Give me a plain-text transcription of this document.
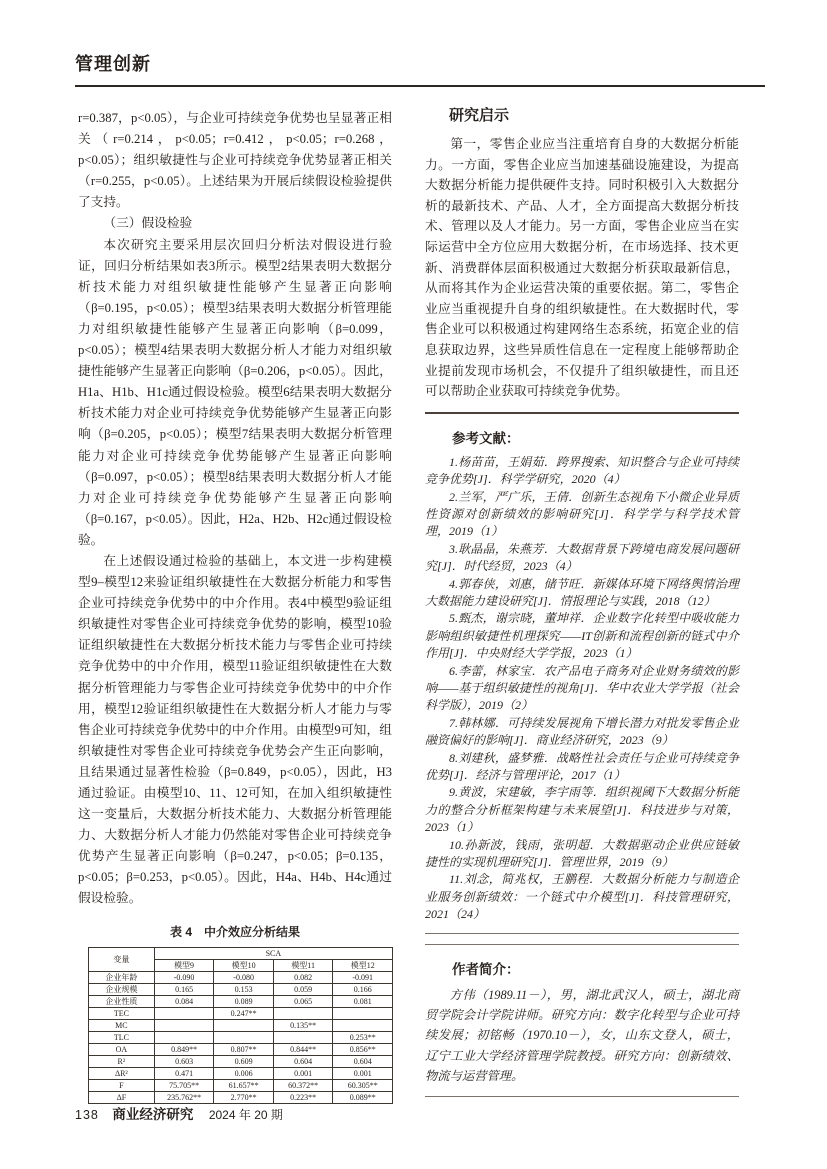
管理创新

r=0.387，p<0.05），与企业可持续竞争优势也呈显著正相关（r=0.214，p<0.05；r=0.412，p<0.05；r=0.268，p<0.05）；组织敏捷性与企业可持续竞争优势显著正相关（r=0.255，p<0.05）。上述结果为开展后续假设检验提供了支持。

（三）假设检验

本次研究主要采用层次回归分析法对假设进行验证，回归分析结果如表3所示。模型2结果表明大数据分析技术能力对组织敏捷性能够产生显著正向影响（β=0.195，p<0.05）；模型3结果表明大数据分析管理能力对组织敏捷性能够产生显著正向影响（β=0.099，p<0.05）；模型4结果表明大数据分析人才能力对组织敏捷性能够产生显著正向影响（β=0.206，p<0.05）。因此，H1a、H1b、H1c通过假设检验。模型6结果表明大数据分析技术能力对企业可持续竞争优势能够产生显著正向影响（β=0.205，p<0.05）；模型7结果表明大数据分析管理能力对企业可持续竞争优势能够产生显著正向影响（β=0.097，p<0.05）；模型8结果表明大数据分析人才能力对企业可持续竞争优势能够产生显著正向影响（β=0.167，p<0.05）。因此，H2a、H2b、H2c通过假设检验。

在上述假设通过检验的基础上，本文进一步构建模型9–模型12来验证组织敏捷性在大数据分析能力和零售企业可持续竞争优势中的中介作用。表4中模型9验证组织敏捷性对零售企业可持续竞争优势的影响，模型10验证组织敏捷性在大数据分析技术能力与零售企业可持续竞争优势中的中介作用，模型11验证组织敏捷性在大数据分析管理能力与零售企业可持续竞争优势中的中介作用，模型12验证组织敏捷性在大数据分析人才能力与零售企业可持续竞争优势中的中介作用。由模型9可知，组织敏捷性对零售企业可持续竞争优势会产生正向影响，且结果通过显著性检验（β=0.849，p<0.05），因此，H3通过验证。由模型10、11、12可知，在加入组织敏捷性这一变量后，大数据分析技术能力、大数据分析管理能力、大数据分析人才能力仍然能对零售企业可持续竞争优势产生显著正向影响（β=0.247，p<0.05；β=0.135，p<0.05；β=0.253，p<0.05）。因此，H4a、H4b、H4c通过假设检验。

表 4　中介效应分析结果
变量	SCA			
	模型9	模型10	模型11	模型12
企业年龄	-0.090	-0.080	0.082	-0.091
企业规模	0.165	0.153	0.059	0.166
企业性质	0.084	0.089	0.065	0.081
TEC		0.247**		
MC			0.135**	
TLC				0.253**
OA	0.849**	0.807**	0.844**	0.856**
R²	0.603	0.609	0.604	0.604
ΔR²	0.471	0.006	0.001	0.001
F	75.705**	61.657**	60.372**	60.305**
ΔF	235.762**	2.770**	0.223**	0.089**

研究启示

第一，零售企业应当注重培育自身的大数据分析能力。一方面，零售企业应当加速基础设施建设，为提高大数据分析能力提供硬件支持。同时积极引入大数据分析的最新技术、产品、人才，全方面提高大数据分析技术、管理以及人才能力。另一方面，零售企业应当在实际运营中全方位应用大数据分析，在市场选择、技术更新、消费群体层面积极通过大数据分析获取最新信息，从而将其作为企业运营决策的重要依据。第二，零售企业应当重视提升自身的组织敏捷性。在大数据时代，零售企业可以积极通过构建网络生态系统，拓宽企业的信息获取边界，这些异质性信息在一定程度上能够帮助企业提前发现市场机会，不仅提升了组织敏捷性，而且还可以帮助企业获取可持续竞争优势。

参考文献：

1.杨苗苗，王娟茹．跨界搜索、知识整合与企业可持续竞争优势[J]．科学学研究，2020（4）

2.兰军，严广乐，王倩．创新生态视角下小微企业异质性资源对创新绩效的影响研究[J]．科学学与科学技术管理，2019（1）

3.耿晶晶，朱燕芳．大数据背景下跨境电商发展问题研究[J]．时代经贸，2023（4）

4.郭春侠，刘惠，储节旺．新媒体环境下网络舆情治理大数据能力建设研究[J]．情报理论与实践，2018（12）

5.甄杰，谢宗晓，董坤祥．企业数字化转型中吸收能力影响组织敏捷性机理探究——IT创新和流程创新的链式中介作用[J]．中央财经大学学报，2023（1）

6.李蕾，林家宝．农产品电子商务对企业财务绩效的影响——基于组织敏捷性的视角[J]．华中农业大学学报（社会科学版），2019（2）

7.韩林娜．可持续发展视角下增长潜力对批发零售企业融资偏好的影响[J]．商业经济研究，2023（9）

8.刘建秋，盛梦雅．战略性社会责任与企业可持续竞争优势[J]．经济与管理评论，2017（1）

9.黄波，宋建敏，李宇雨等．组织视阈下大数据分析能力的整合分析框架构建与未来展望[J]．科技进步与对策，2023（1）

10.孙新波，钱雨，张明超．大数据驱动企业供应链敏捷性的实现机理研究[J]．管理世界，2019（9）

11.刘念，简兆权，王鹏程．大数据分析能力与制造企业服务创新绩效：一个链式中介模型[J]．科技管理研究，2021（24）

作者简介：

方伟（1989.11－），男，湖北武汉人，硕士，湖北商贸学院会计学院讲师。研究方向：数字化转型与企业可持续发展；初铭畅（1970.10－），女，山东文登人，硕士，辽宁工业大学经济管理学院教授。研究方向：创新绩效、物流与运营管理。

138 商业经济研究 2024 年 20 期
